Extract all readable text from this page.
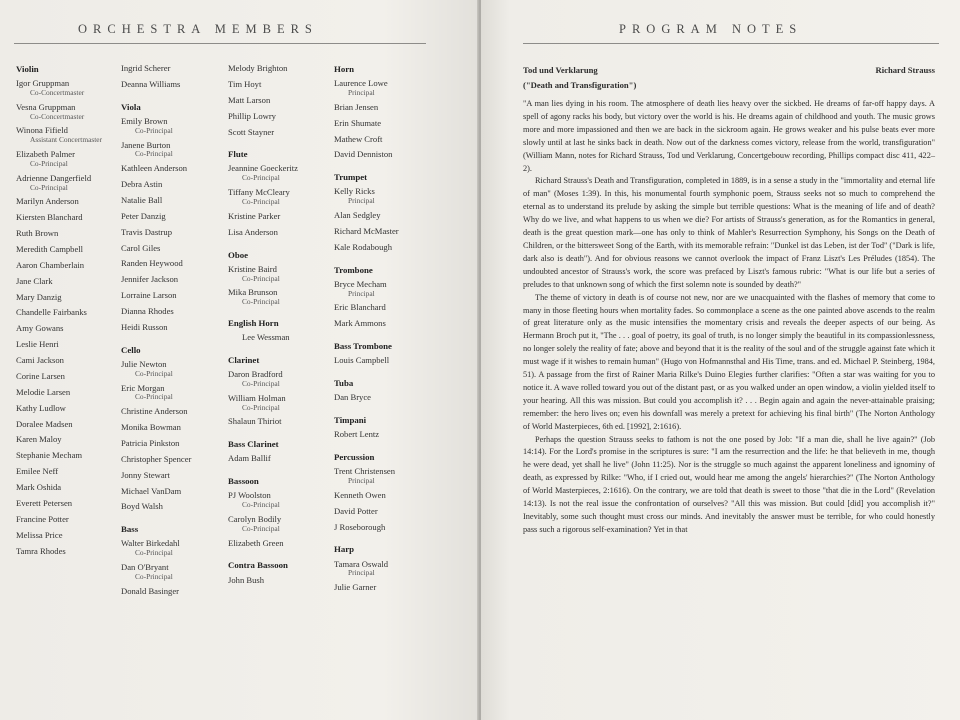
ORCHESTRA MEMBERS
Violin
Igor Gruppman
Co-Concertmaster
Vesna Gruppman
Co-Concertmaster
Winona Fifield
Assistant Concertmaster
Elizabeth Palmer
Co-Principal
Adrienne Dangerfield
Co-Principal
Marilyn Anderson
Kiersten Blanchard
Ruth Brown
Meredith Campbell
Aaron Chamberlain
Jane Clark
Mary Danzig
Chandelle Fairbanks
Amy Gowans
Leslie Henri
Cami Jackson
Corine Larsen
Melodie Larsen
Kathy Ludlow
Doralee Madsen
Karen Maloy
Stephanie Mecham
Emilee Neff
Mark Oshida
Everett Petersen
Francine Potter
Melissa Price
Tamra Rhodes
Ingrid Scherer
Deanna Williams
Viola
Emily Brown
Co-Principal
Janene Burton
Co-Principal
Kathleen Anderson
Debra Astin
Natalie Ball
Peter Danzig
Travis Dastrup
Carol Giles
Randen Heywood
Jennifer Jackson
Lorraine Larson
Dianna Rhodes
Heidi Russon
Cello
Julie Newton
Co-Principal
Eric Morgan
Co-Principal
Christine Anderson
Monika Bowman
Patricia Pinkston
Christopher Spencer
Jonny Stewart
Michael VanDam
Boyd Walsh
Bass
Walter Birkedahl
Co-Principal
Dan O'Bryant
Co-Principal
Donald Basinger
Melody Brighton
Tim Hoyt
Matt Larson
Phillip Lowry
Scott Stayner
Flute
Jeannine Goeckeritz
Co-Principal
Tiffany McCleary
Co-Principal
Kristine Parker
Lisa Anderson
Oboe
Kristine Baird
Co-Principal
Mika Brunson
Co-Principal
English Horn
Lee Wessman
Clarinet
Daron Bradford
Co-Principal
William Holman
Co-Principal
Shalaun Thiriot
Bass Clarinet
Adam Ballif
Bassoon
PJ Woolston
Co-Principal
Carolyn Bodily
Co-Principal
Elizabeth Green
Contra Bassoon
John Bush
Horn
Laurence Lowe
Principal
Brian Jensen
Erin Shumate
Mathew Croft
David Denniston
Trumpet
Kelly Ricks
Principal
Alan Sedgley
Richard McMaster
Kale Rodabough
Trombone
Bryce Mecham
Principal
Eric Blanchard
Mark Ammons
Bass Trombone
Louis Campbell
Tuba
Dan Bryce
Timpani
Robert Lentz
Percussion
Trent Christensen
Principal
Kenneth Owen
David Potter
J Roseborough
Harp
Tamara Oswald
Principal
Julie Garner
PROGRAM NOTES
Tod und Verklarung
("Death and Transfiguration")
Richard Strauss

"A man lies dying in his room. The atmosphere of death lies heavy over the sickbed. He dreams of far-off happy days. A spell of agony racks his body, but victory over the world is his. He dreams again of childhood and youth. The music grows more and more impassioned and then we are back in the sickroom again. He grows weaker and his pulse beats ever more slowly until at last he sinks back in death. Now out of the darkness comes victory, release from the world, transfiguration" (William Mann, notes for Richard Strauss, Tod und Verklarung, Concertgebouw recording, Phillips compact disc 411, 422–2).

Richard Strauss's Death and Transfiguration, completed in 1889, is in a sense a study in the "immortality and eternal life of man" (Moses 1:39). In this, his monumental fourth symphonic poem, Strauss seeks not so much to comprehend the eternal as to understand its prelude by asking the simple but terrible questions: What is the meaning of life and of death? Why do we live, and what happens to us when we die? For artists of Strauss's generation, as for the Romantics in general, death is the great question mark—one has only to think of Mahler's Resurrection Symphony, his Songs on the Death of Children, or the bittersweet Song of the Earth, with its memorable refrain: "Dunkel ist das Leben, ist der Tod" ("Dark is life, dark also is death"). And for obvious reasons we cannot overlook the impact of Franz Liszt's Les Préludes (1854). The undoubted ancestor of Strauss's work, the score was prefaced by Liszt's famous rubric: "What is our life but a series of preludes to that unknown song of which the first solemn note is sounded by death?"

The theme of victory in death is of course not new, nor are we unacquainted with the flashes of memory that come to many in those fleeting hours when mortality fades. So commonplace a scene as the one painted above ascends to the realm of great literature only as the music intensifies the momentary crisis and reveals the deeper aspects of our being. As Hermann Broch put it, "The . . . goal of poetry, its goal of truth, is no longer simply the beautiful in its compassionlessness, no longer solely the reality of fate; above and beyond that it is the reality of the soul and of the struggle against fate which it must wage if it wishes to remain human" (Hugo von Hofmannsthal and His Time, trans. and ed. Michael P. Steinberg, 1984, 51). A passage from the first of Rainer Maria Rilke's Duino Elegies further clarifies: "Often a star was waiting for you to notice it. A wave rolled toward you out of the distant past, or as you walked under an open window, a violin yielded itself to your hearing. All this was mission. But could you accomplish it? . . . Begin again and again the never-attainable praising; remember: the hero lives on; even his downfall was merely a pretext for achieving his final birth" (The Norton Anthology of World Masterpieces, 6th ed. [1992], 2:1616).

Perhaps the question Strauss seeks to fathom is not the one posed by Job: "If a man die, shall he live again?" (Job 14:14). For the Lord's promise in the scriptures is sure: "I am the resurrection and the life: he that believeth in me, though he were dead, yet shall he live" (John 11:25). Nor is the struggle so much against the apparent loneliness and ignominy of death, as expressed by Rilke: "Who, if I cried out, would hear me among the angels' hierarchies?" (The Norton Anthology of World Masterpieces, 2:1616). On the contrary, we are told that death is sweet to those "that die in the Lord" (Revelation 14:13). Is not the real issue the confrontation of ourselves? "All this was mission. But could [did] you accomplish it?" Inevitably, some such thought must cross our minds. And inevitably the answer must be terrible, for who could honestly pass such a rigorous self-examination? Yet in that
